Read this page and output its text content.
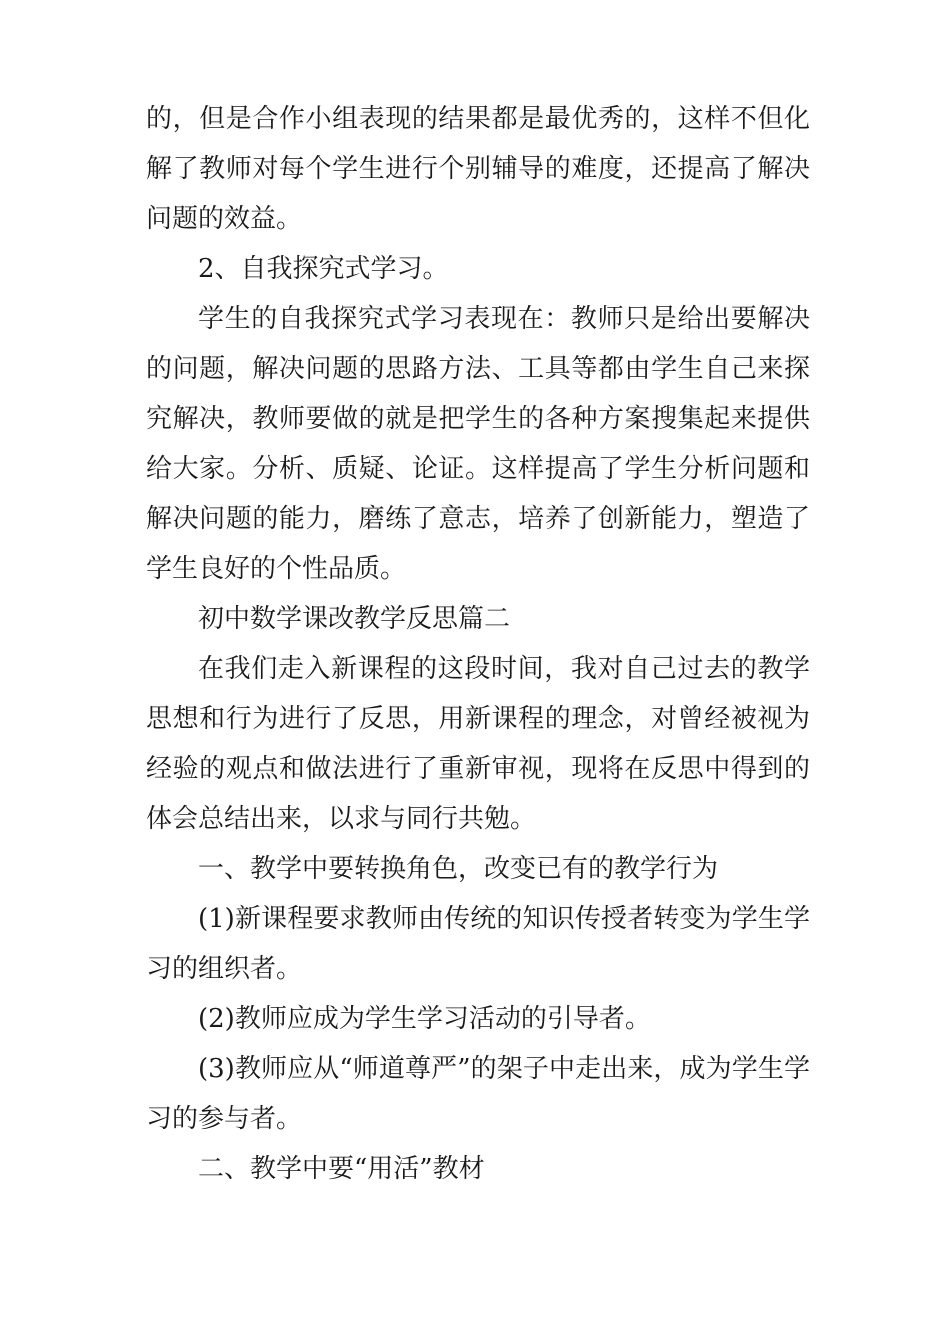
的，但是合作小组表现的结果都是最优秀的，这样不但化解了教师对每个学生进行个别辅导的难度，还提高了解决问题的效益。

2、自我探究式学习。

学生的自我探究式学习表现在：教师只是给出要解决的问题，解决问题的思路方法、工具等都由学生自己来探究解决，教师要做的就是把学生的各种方案搜集起来提供给大家。分析、质疑、论证。这样提高了学生分析问题和解决问题的能力，磨练了意志，培养了创新能力，塑造了学生良好的个性品质。

初中数学课改教学反思篇二

在我们走入新课程的这段时间，我对自己过去的教学思想和行为进行了反思，用新课程的理念，对曾经被视为经验的观点和做法进行了重新审视，现将在反思中得到的体会总结出来，以求与同行共勉。

一、教学中要转换角色，改变已有的教学行为

(1)新课程要求教师由传统的知识传授者转变为学生学习的组织者。

(2)教师应成为学生学习活动的引导者。

(3)教师应从“师道尊严”的架子中走出来，成为学生学习的参与者。

二、教学中要“用活”教材
